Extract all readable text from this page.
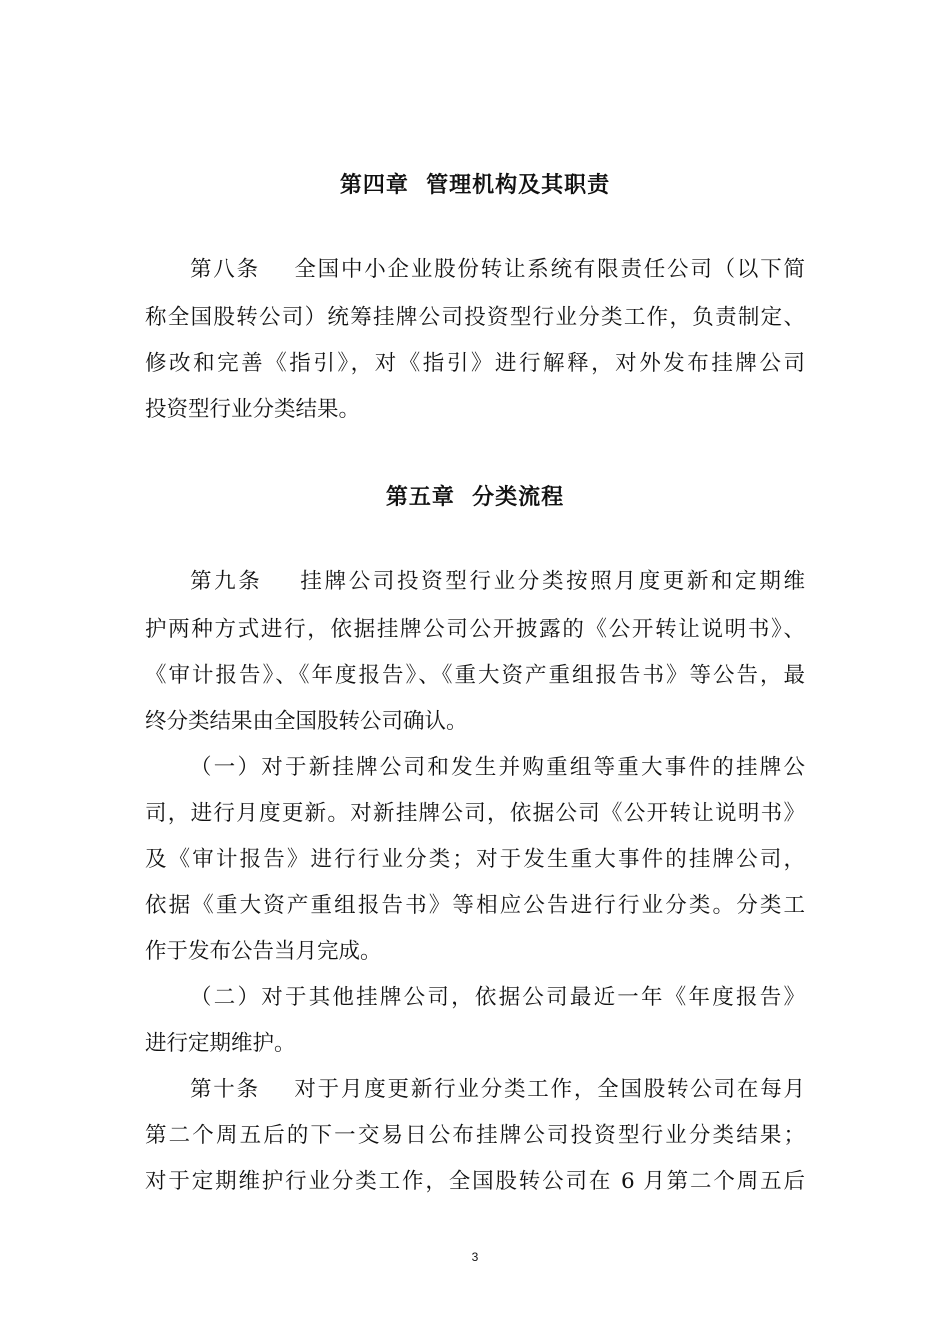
第四章  管理机构及其职责
第八条    全国中小企业股份转让系统有限责任公司（以下简
称全国股转公司）统筹挂牌公司投资型行业分类工作，负责制定、
修改和完善《指引》，对《指引》进行解释，对外发布挂牌公司
投资型行业分类结果。
第五章  分类流程
第九条    挂牌公司投资型行业分类按照月度更新和定期维
护两种方式进行，依据挂牌公司公开披露的《公开转让说明书》、
《审计报告》、《年度报告》、《重大资产重组报告书》等公告，最
终分类结果由全国股转公司确认。
（一）对于新挂牌公司和发生并购重组等重大事件的挂牌公
司，进行月度更新。对新挂牌公司，依据公司《公开转让说明书》
及《审计报告》进行行业分类；对于发生重大事件的挂牌公司，
依据《重大资产重组报告书》等相应公告进行行业分类。分类工
作于发布公告当月完成。
（二）对于其他挂牌公司，依据公司最近一年《年度报告》
进行定期维护。
第十条    对于月度更新行业分类工作，全国股转公司在每月
第二个周五后的下一交易日公布挂牌公司投资型行业分类结果；
对于定期维护行业分类工作，全国股转公司在 6 月第二个周五后
3
